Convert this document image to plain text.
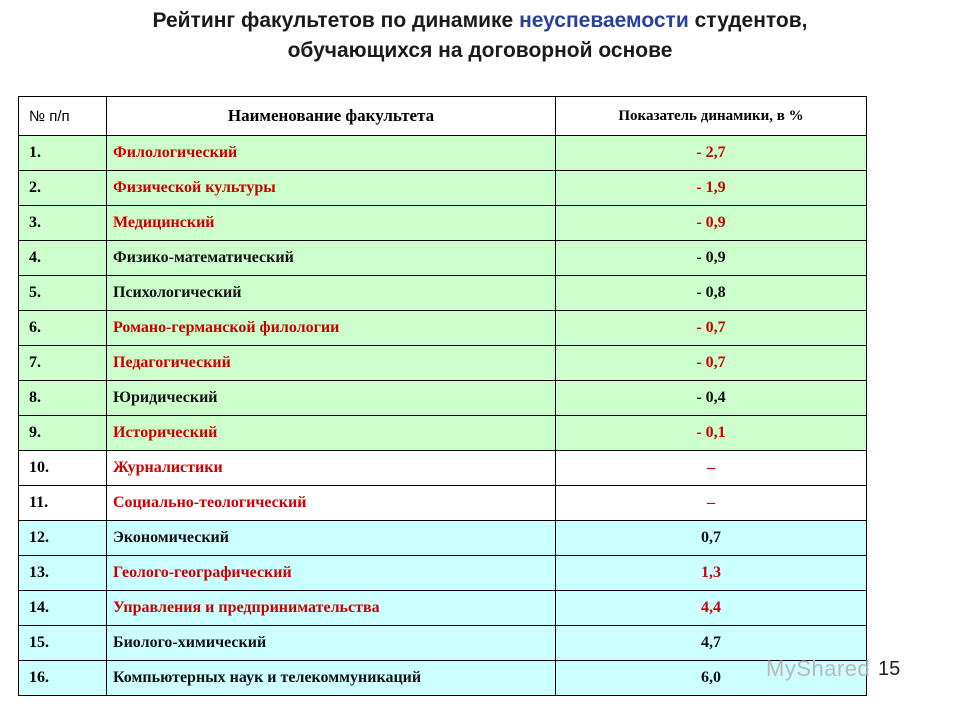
Рейтинг факультетов по динамике неуспеваемости студентов,
обучающихся на договорной основе
№ п/п	Наименование факультета	Показатель динамики, в %
1.	Филологический	- 2,7
2.	Физической культуры	- 1,9
3.	Медицинский	- 0,9
4.	Физико-математический	- 0,9
5.	Психологический	- 0,8
6.	Романо-германской филологии	- 0,7
7.	Педагогический	- 0,7
8.	Юридический	- 0,4
9.	Исторический	- 0,1
10.	Журналистики	–
11.	Социально-теологический	–
12.	Экономический	0,7
13.	Геолого-географический	1,3
14.	Управления и предпринимательства	4,4
15.	Биолого-химический	4,7
16.	Компьютерных наук и телекоммуникаций	6,0 MyShared 15
